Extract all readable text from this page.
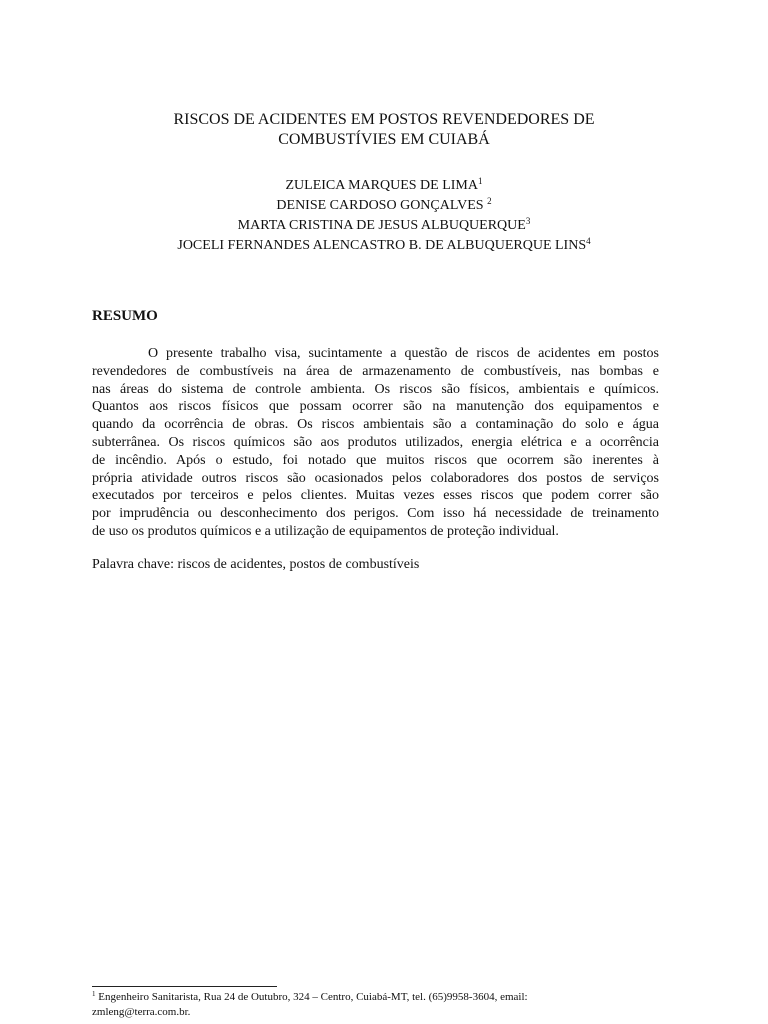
RISCOS DE ACIDENTES EM POSTOS REVENDEDORES DE
COMBUSTÍVIES EM CUIABÁ
ZULEICA MARQUES DE LIMA$^1$
DENISE CARDOSO GONÇALVES $^2$
MARTA CRISTINA DE JESUS ALBUQUERQUE$^3$
JOCELI FERNANDES ALENCASTRO B. DE ALBUQUERQUE LINS$^4$
RESUMO
O presente trabalho visa, sucintamente a questão de riscos de acidentes em postos
revendedores de combustíveis na área de armazenamento de combustíveis, nas bombas e
nas áreas do sistema de controle ambienta. Os riscos são físicos, ambientais e químicos.
Quantos aos riscos físicos que possam ocorrer são na manutenção dos equipamentos e
quando da ocorrência de obras. Os riscos ambientais são a contaminação do solo e água
subterrânea. Os riscos químicos são aos produtos utilizados, energia elétrica e a ocorrência
de incêndio. Após o estudo, foi notado que muitos riscos que ocorrem são inerentes à
própria atividade outros riscos são ocasionados pelos colaboradores dos postos de serviços
executados por terceiros e pelos clientes. Muitas vezes esses riscos que podem correr são
por imprudência ou desconhecimento dos perigos. Com isso há necessidade de treinamento
de uso os produtos químicos e a utilização de equipamentos de proteção individual.
Palavra chave: riscos de acidentes, postos de combustíveis
$^1$ Engenheiro Sanitarista, Rua 24 de Outubro, 324 – Centro, Cuiabá-MT, tel. (65)9958-3604, email:
zmleng@terra.com.br.
